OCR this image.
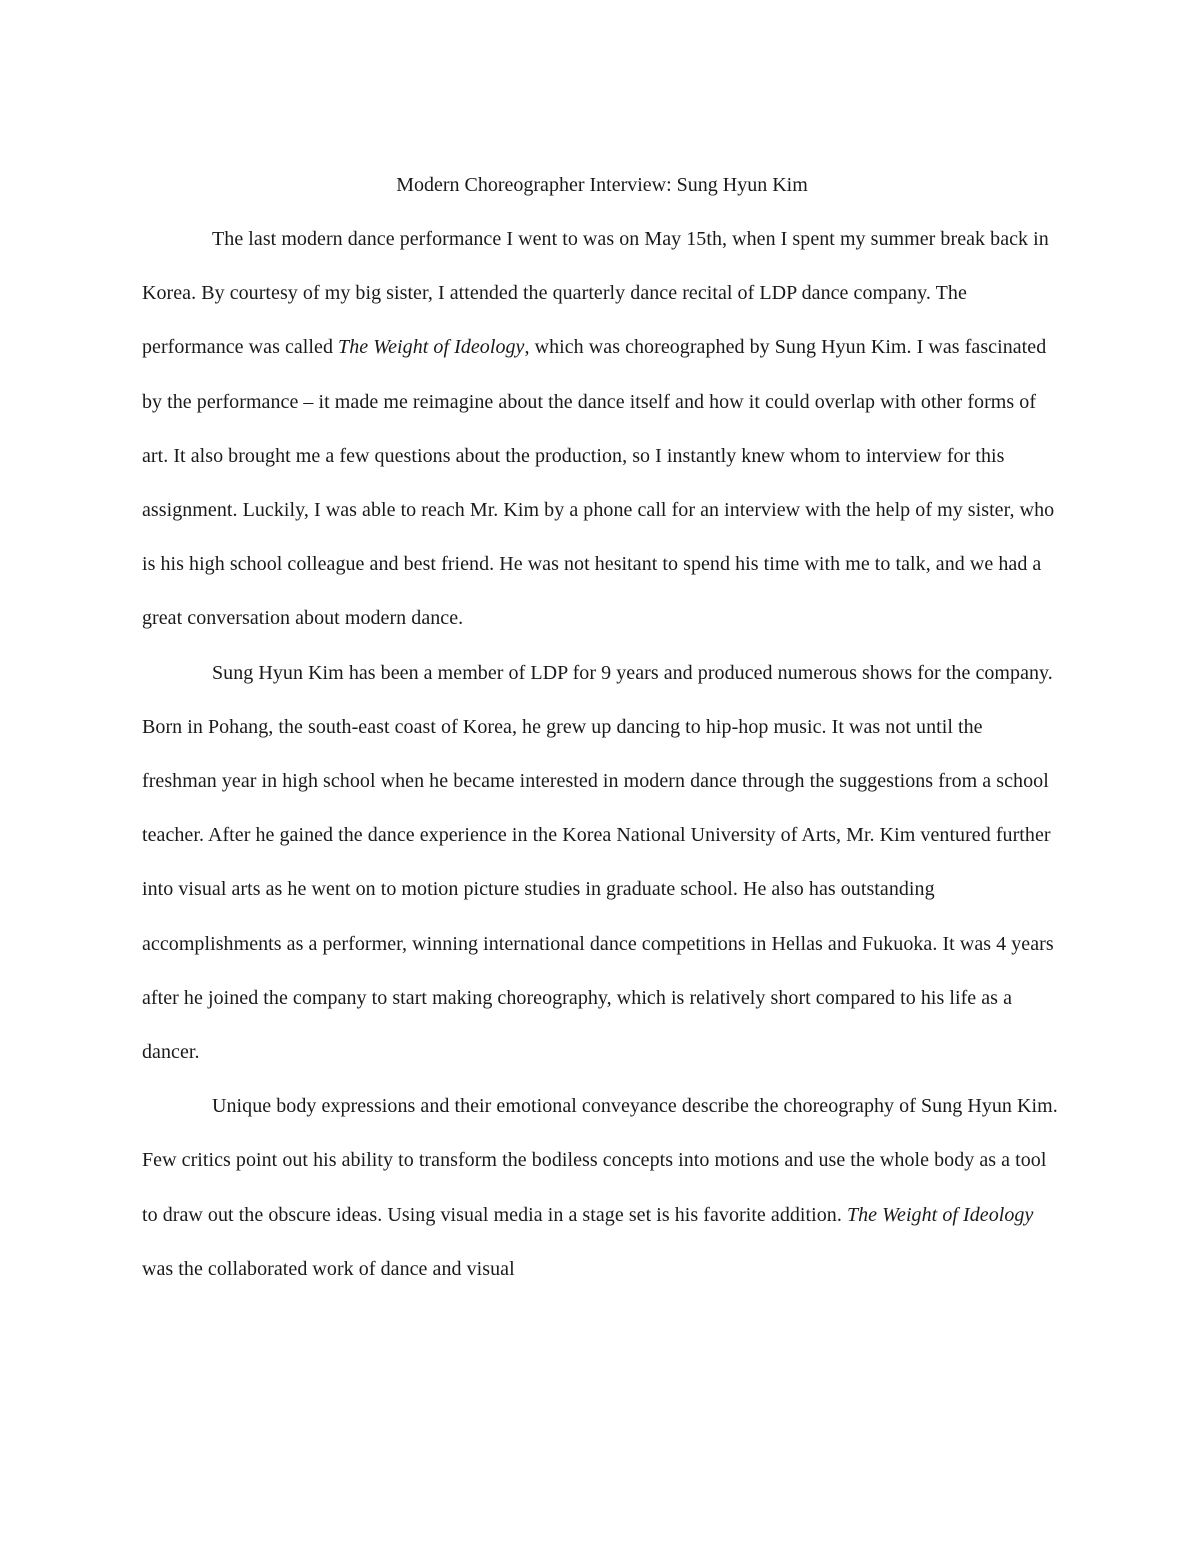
Modern Choreographer Interview: Sung Hyun Kim

The last modern dance performance I went to was on May 15th, when I spent my summer break back in Korea. By courtesy of my big sister, I attended the quarterly dance recital of LDP dance company. The performance was called The Weight of Ideology, which was choreographed by Sung Hyun Kim. I was fascinated by the performance – it made me reimagine about the dance itself and how it could overlap with other forms of art. It also brought me a few questions about the production, so I instantly knew whom to interview for this assignment. Luckily, I was able to reach Mr. Kim by a phone call for an interview with the help of my sister, who is his high school colleague and best friend. He was not hesitant to spend his time with me to talk, and we had a great conversation about modern dance.

Sung Hyun Kim has been a member of LDP for 9 years and produced numerous shows for the company. Born in Pohang, the south-east coast of Korea, he grew up dancing to hip-hop music. It was not until the freshman year in high school when he became interested in modern dance through the suggestions from a school teacher. After he gained the dance experience in the Korea National University of Arts, Mr. Kim ventured further into visual arts as he went on to motion picture studies in graduate school. He also has outstanding accomplishments as a performer, winning international dance competitions in Hellas and Fukuoka. It was 4 years after he joined the company to start making choreography, which is relatively short compared to his life as a dancer.

Unique body expressions and their emotional conveyance describe the choreography of Sung Hyun Kim. Few critics point out his ability to transform the bodiless concepts into motions and use the whole body as a tool to draw out the obscure ideas. Using visual media in a stage set is his favorite addition. The Weight of Ideology was the collaborated work of dance and visual
